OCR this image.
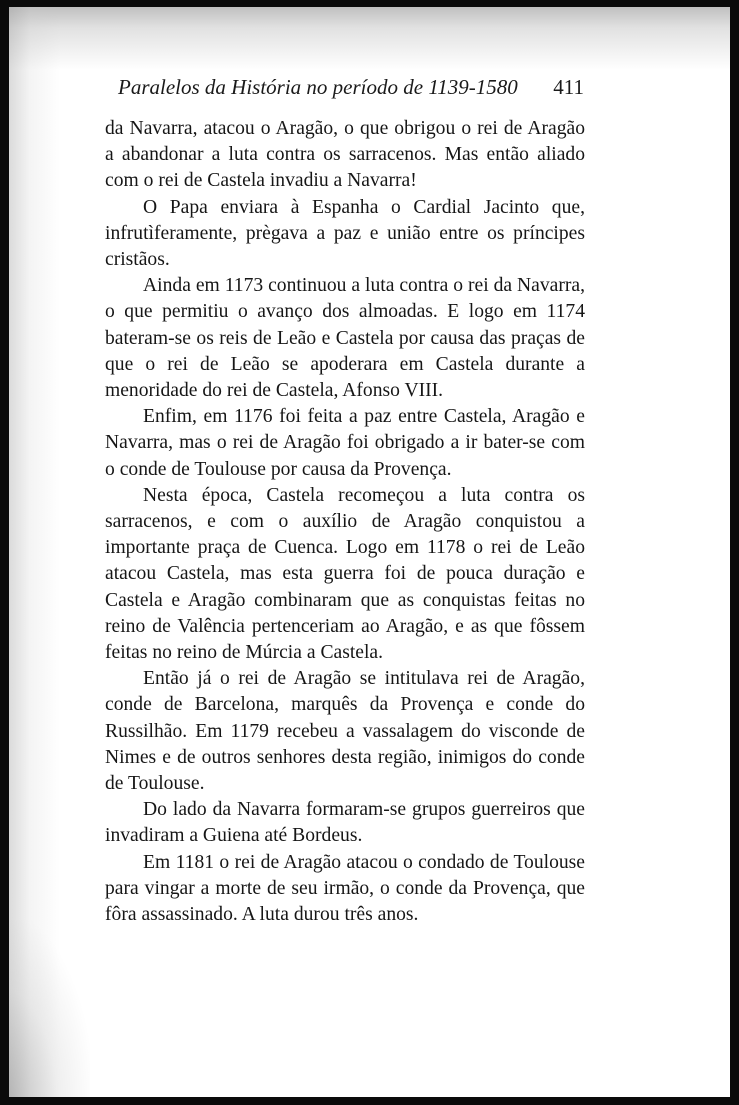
Paralelos da História no período de 1139-1580 411

da Navarra, atacou o Aragão, o que obrigou o rei de Aragão a abandonar a luta contra os sarracenos. Mas então aliado com o rei de Castela invadiu a Navarra!

O Papa enviara à Espanha o Cardial Jacinto que, infrutìferamente, prègava a paz e união entre os príncipes cristãos.

Ainda em 1173 continuou a luta contra o rei da Navarra, o que permitiu o avanço dos almoadas. E logo em 1174 bateram-se os reis de Leão e Castela por causa das praças de que o rei de Leão se apoderara em Castela durante a menoridade do rei de Castela, Afonso VIII.

Enfim, em 1176 foi feita a paz entre Castela, Aragão e Navarra, mas o rei de Aragão foi obrigado a ir bater-se com o conde de Toulouse por causa da Provença.

Nesta época, Castela recomeçou a luta contra os sarracenos, e com o auxílio de Aragão conquistou a importante praça de Cuenca. Logo em 1178 o rei de Leão atacou Castela, mas esta guerra foi de pouca duração e Castela e Aragão combinaram que as conquistas feitas no reino de Valência pertenceriam ao Aragão, e as que fôssem feitas no reino de Múrcia a Castela.

Então já o rei de Aragão se intitulava rei de Aragão, conde de Barcelona, marquês da Provença e conde do Russilhão. Em 1179 recebeu a vassalagem do visconde de Nimes e de outros senhores desta região, inimigos do conde de Toulouse.

Do lado da Navarra formaram-se grupos guerreiros que invadiram a Guiena até Bordeus.

Em 1181 o rei de Aragão atacou o condado de Toulouse para vingar a morte de seu irmão, o conde da Provença, que fôra assassinado. A luta durou três anos.
